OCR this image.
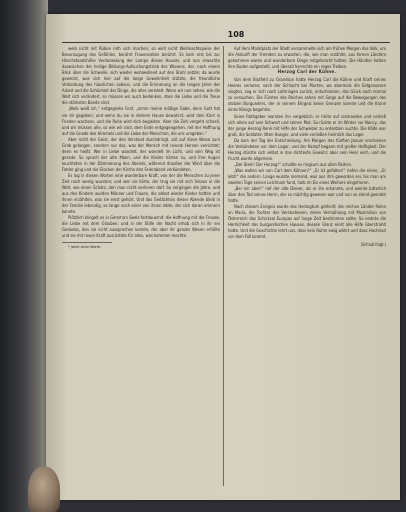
108

weib nicht mit Rüben roth sich machen; so wird nicht Weihnachtspeise der Bevorzugung des Gefühles, berührt Frauenseiten berührt. Es kam erst bis zur Hirschstandshöhe Verdunkelung der Lampe dieses Hauses, und nun erwachte dazwischen der heilige Bildungs-Aufsuchungstrieb des Wissens, der, nach einem Blick über die Schwelle, sich wieder wohlwollend auf den Stuhl setzte; da wurde geweckt, was sich hier auf die lange Gewohnheit stützte, die freundliche Verbindung des häuslichen Lebens, und die Erinnerung an die langen Jahre der Arbeit und die Schönheit der Dinge, die alles veredelt. Wenn wir nun sehen, wie die Welt sich verändert, so müssen wir auch bedenken, dass die Liebe und die Treue die stärksten Bande sind.

„Weib weiß ich,“ entgegnete Graf, „nimm meine mäßige Gabe, denn Gott hat sie dir gegeben; und wenn du sie in deinem Hause bewahrst, wird dein Kind in Frieden wachsen, und die Ruhe wird dich begleiten. Aber die Zeit vergeht schnell, und wir müssen alle, so wie wir sind, dem Ende entgegengehen, mit der Hoffnung auf die Gnade des Himmels und die Liebe der Menschen, die uns umgeben.“

Aber nicht der Geist, der den Verstand durchdringt, soll auf diese Weise zum Grab gelangen, sondern nur das, was der Mensch mit reinem Herzen verrichtet; denn es heißt: Wer in Liebe wandelt, der wandelt im Licht, und sein Weg ist gerade. So sprach der alte Mann, und die Kinder hörten zu, und ihre Augen leuchteten in der Dämmerung des Abends, während draußen der Wind über die Felder ging und die Glocken der Kirche den Feierabend verkündeten.

Es lag in diesen Worten eine wunderbare Kraft, von der die Menschen zu jener Zeit noch wenig wussten; und wer sie hörte, der trug sie mit sich hinaus in die Welt, wie einen Schatz, den man nicht verlieren darf. So vergingen die Jahre, und aus den Kindern wurden Männer und Frauen, die selbst wieder Kinder hatten und ihnen erzählten, was sie einst gehört. Und das Gedächtnis dieser Abende blieb in der Familie lebendig, so lange noch einer von ihnen lebte, der sich daran erinnern konnte.

Plötzlich klingelt es in Gemma's Seele fortdauernd: die Hoffnung mit der Freude, die Liebe mit dem Glauben; und in der Stille der Nacht erhob sich in ihr ein Gedanke, den sie nicht aussprechen konnte, der aber ihr ganzes Wesen erfüllte und sie mit neuer Kraft ausrüstete für alles, was kommen mochte.

* Jahre ohne Worte.

Auf dem Marktplatz der Stadt versammelte sich am frühen Morgen das Volk, um die Ankunft der Fremden zu erwarten, die, wie man erzählte, aus fernen Ländern gekommen waren und wunderbare Dinge mitgebracht hatten. Die Händler hatten ihre Buden aufgestellt, und überall herrschte ein reges Treiben.

Herzog Carl der Kühne.

Von dem Blutfeld zu Grandson hatte Herzog Carl die Kühne und Kraft seines Heeres verloren; nach der Schlacht bei Murten, wo abermals die Eidgenossen siegten, zog er sich nach Lothringen zurück, entschlossen, das Glück noch einmal zu versuchen. Die Fürsten des Reiches sahen mit Sorge auf die Bewegungen des stolzen Burgunders, der in seinem Ehrgeiz keine Grenzen kannte und die Krone eines Königs begehrte.

Seine Rathgeber warnten ihn vergeblich; er hörte auf niemanden und verließ sich allein auf sein Schwert und seinen Mut. So rückte er im Winter vor Nancy, das der junge Herzog René mit Hilfe der Schweizer zu entsetzen suchte. Die Kälte war groß, die Soldaten litten Hunger, und viele verließen heimlich das Lager.

Da kam der Tag der Entscheidung. Am Morgen des fünften Januar erschienen die Verbündeten vor dem Lager, und der Kampf begann mit großer Heftigkeit. Der Herzog stürzte sich selbst in das dichteste Gewühl; aber sein Heer wich, und die Flucht wurde allgemein.

„Der Stein! Der Herzog!“ schallte es ringsum aus allen Reihen.

„Was wollen wir von Carl dem Kühnen?“ „Er ist gefallen!“ riefen die einen; „Er lebt!“ die andern. Lange wusste niemand, was aus ihm geworden sei, bis man am zweiten Tage seinen Leichnam fand, halb im Eis eines Weihers eingefroren.

„Bei mir aber!“ rief der alte Diener, als er ihn erkannte, und weinte bitterlich über den Tod seines Herrn, der so mächtig gewesen war und nun so elend geendet hatte.

Nach diesem Ereignis wurde das Herzogtum getheilt; die reichen Länder fielen an Maria, die Tochter des Verstorbenen, deren Vermählung mit Maximilian von Österreich das Schicksal Europas auf lange Zeit bestimmen sollte. So endete die Herrlichkeit des burgundischen Hauses, dessen Glanz einst alle Höfe überstrahlt hatte. Und die Geschichte lehrt uns, dass kein Ruhm ewig währt und dass Hochmut vor dem Fall kommt.

(Schluß folgt.)
